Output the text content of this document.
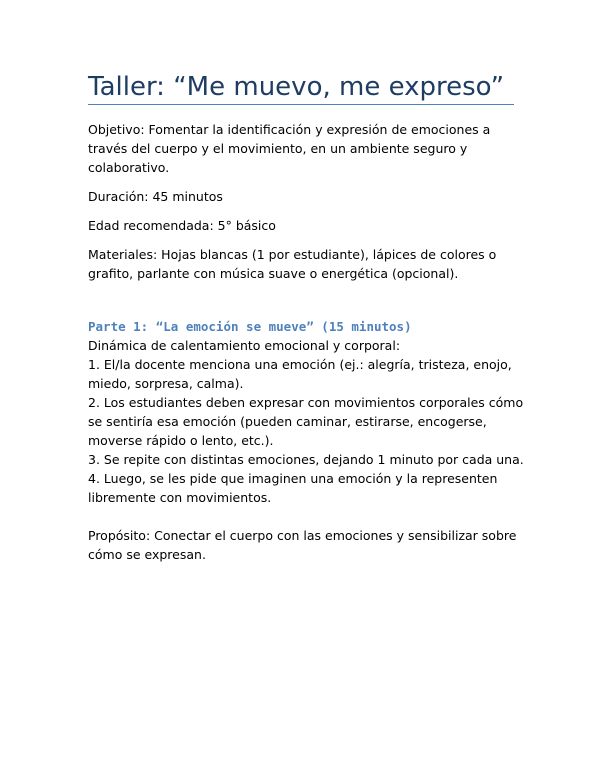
Taller: “Me muevo, me expreso”

Objetivo: Fomentar la identificación y expresión de emociones a través del cuerpo y el movimiento, en un ambiente seguro y colaborativo.

Duración: 45 minutos

Edad recomendada: 5° básico

Materiales: Hojas blancas (1 por estudiante), lápices de colores o grafito, parlante con música suave o energética (opcional).

Parte 1: “La emoción se mueve” (15 minutos)

Dinámica de calentamiento emocional y corporal:

1. El/la docente menciona una emoción (ej.: alegría, tristeza, enojo, miedo, sorpresa, calma).
2. Los estudiantes deben expresar con movimientos corporales cómo se sentiría esa emoción (pueden caminar, estirarse, encogerse, moverse rápido o lento, etc.).
3. Se repite con distintas emociones, dejando 1 minuto por cada una.
4. Luego, se les pide que imaginen una emoción y la representen libremente con movimientos.

Propósito: Conectar el cuerpo con las emociones y sensibilizar sobre cómo se expresan.
